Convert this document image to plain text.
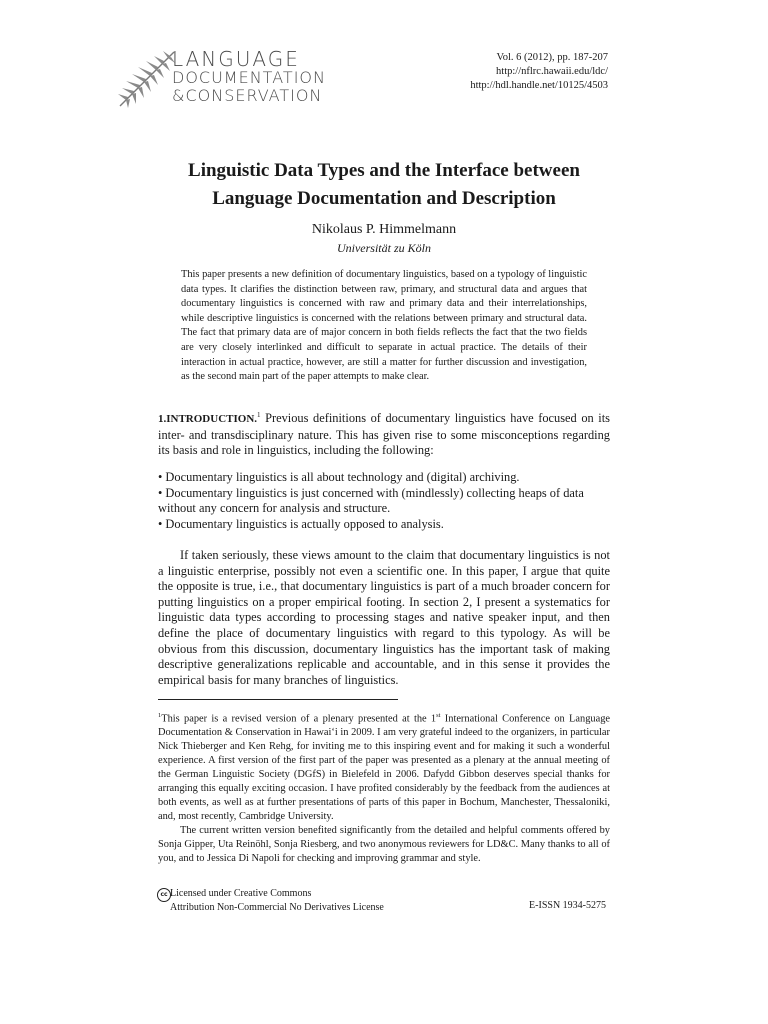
LANGUAGE
DOCUMENTATION
&CONSERVATION
Vol. 6 (2012), pp. 187-207
http://nflrc.hawaii.edu/ldc/
http://hdl.handle.net/10125/4503
Linguistic Data Types and the Interface between
Language Documentation and Description
Nikolaus P. Himmelmann
Universität zu Köln
This paper presents a new definition of documentary linguistics, based on a typology of linguistic data types. It clarifies the distinction between raw, primary, and structural data and argues that documentary linguistics is concerned with raw and primary data and their interrelationships, while descriptive linguistics is concerned with the relations between primary and structural data. The fact that primary data are of major concern in both fields reflects the fact that the two fields are very closely interlinked and difficult to separate in actual practice. The details of their interaction in actual practice, however, are still a matter for further discussion and investigation, as the second main part of the paper attempts to make clear.
1.INTRODUCTION.$^1$ Previous definitions of documentary linguistics have focused on its inter- and transdisciplinary nature. This has given rise to some misconceptions regarding its basis and role in linguistics, including the following:
• Documentary linguistics is all about technology and (digital) archiving.
• Documentary linguistics is just concerned with (mindlessly) collecting heaps of data without any concern for analysis and structure.
• Documentary linguistics is actually opposed to analysis.
If taken seriously, these views amount to the claim that documentary linguistics is not a linguistic enterprise, possibly not even a scientific one. In this paper, I argue that quite the opposite is true, i.e., that documentary linguistics is part of a much broader concern for putting linguistics on a proper empirical footing. In section 2, I present a systematics for linguistic data types according to processing stages and native speaker input, and then define the place of documentary linguistics with regard to this typology. As will be obvious from this discussion, documentary linguistics has the important task of making descriptive generalizations replicable and accountable, and in this sense it provides the empirical basis for many branches of linguistics.
$^1$This paper is a revised version of a plenary presented at the 1st International Conference on Language Documentation & Conservation in Hawai‘i in 2009. I am very grateful indeed to the organizers, in particular Nick Thieberger and Ken Rehg, for inviting me to this inspiring event and for making it such a wonderful experience. A first version of the first part of the paper was presented as a plenary at the annual meeting of the German Linguistic Society (DGfS) in Bielefeld in 2006. Dafydd Gibbon deserves special thanks for arranging this equally exciting occasion. I have profited considerably by the feedback from the audiences at both events, as well as at further presentations of parts of this paper in Bochum, Manchester, Thessaloniki, and, most recently, Cambridge University.
The current written version benefited significantly from the detailed and helpful comments offered by Sonja Gipper, Uta Reinöhl, Sonja Riesberg, and two anonymous reviewers for LD&C. Many thanks to all of you, and to Jessica Di Napoli for checking and improving grammar and style.
cc Licensed under Creative Commons
Attribution Non-Commercial No Derivatives License	E-ISSN 1934-5275
